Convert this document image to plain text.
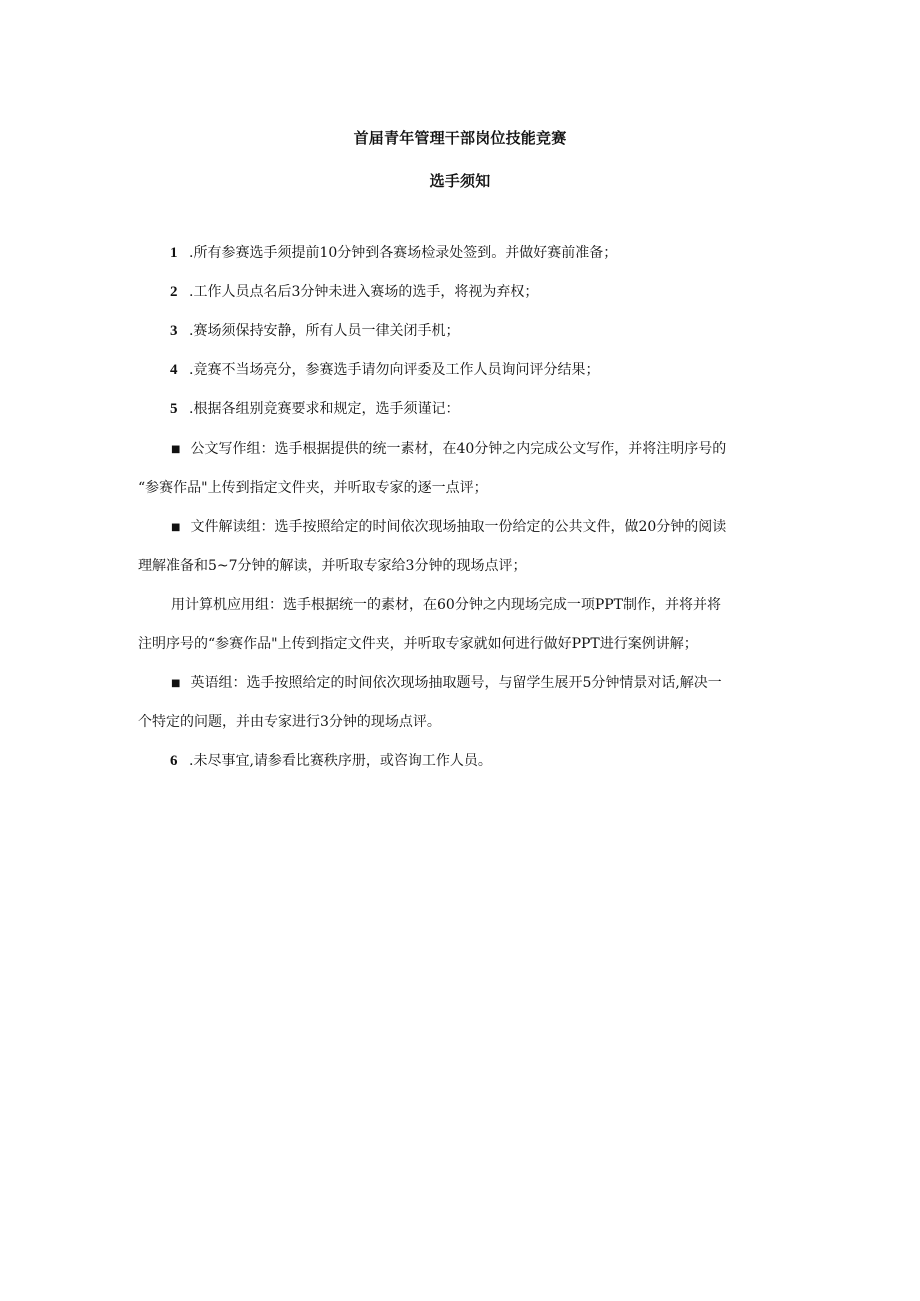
首届青年管理干部岗位技能竞赛
选手须知
1 .所有参赛选手须提前10分钟到各赛场检录处签到。并做好赛前准备；
2 .工作人员点名后3分钟未进入赛场的选手，将视为弃权；
3 .赛场须保持安静，所有人员一律关闭手机；
4 .竞赛不当场亮分，参赛选手请勿向评委及工作人员询问评分结果；
5 .根据各组别竞赛要求和规定，选手须谨记：
■ 公文写作组：选手根据提供的统一素材，在40分钟之内完成公文写作，并将注明序号的
“参赛作品"上传到指定文件夹，并听取专家的逐一点评；
■ 文件解读组：选手按照给定的时间依次现场抽取一份给定的公共文件，做20分钟的阅读
理解准备和5~7分钟的解读，并听取专家给3分钟的现场点评；
用计算机应用组：选手根据统一的素材，在60分钟之内现场完成一项PPT制作，并将并将
注明序号的“参赛作品"上传到指定文件夹，并听取专家就如何进行做好PPT进行案例讲解；
■ 英语组：选手按照给定的时间依次现场抽取题号，与留学生展开5分钟情景对话,解决一
个特定的问题，并由专家进行3分钟的现场点评。
6 .未尽事宜,请参看比赛秩序册，或咨询工作人员。
